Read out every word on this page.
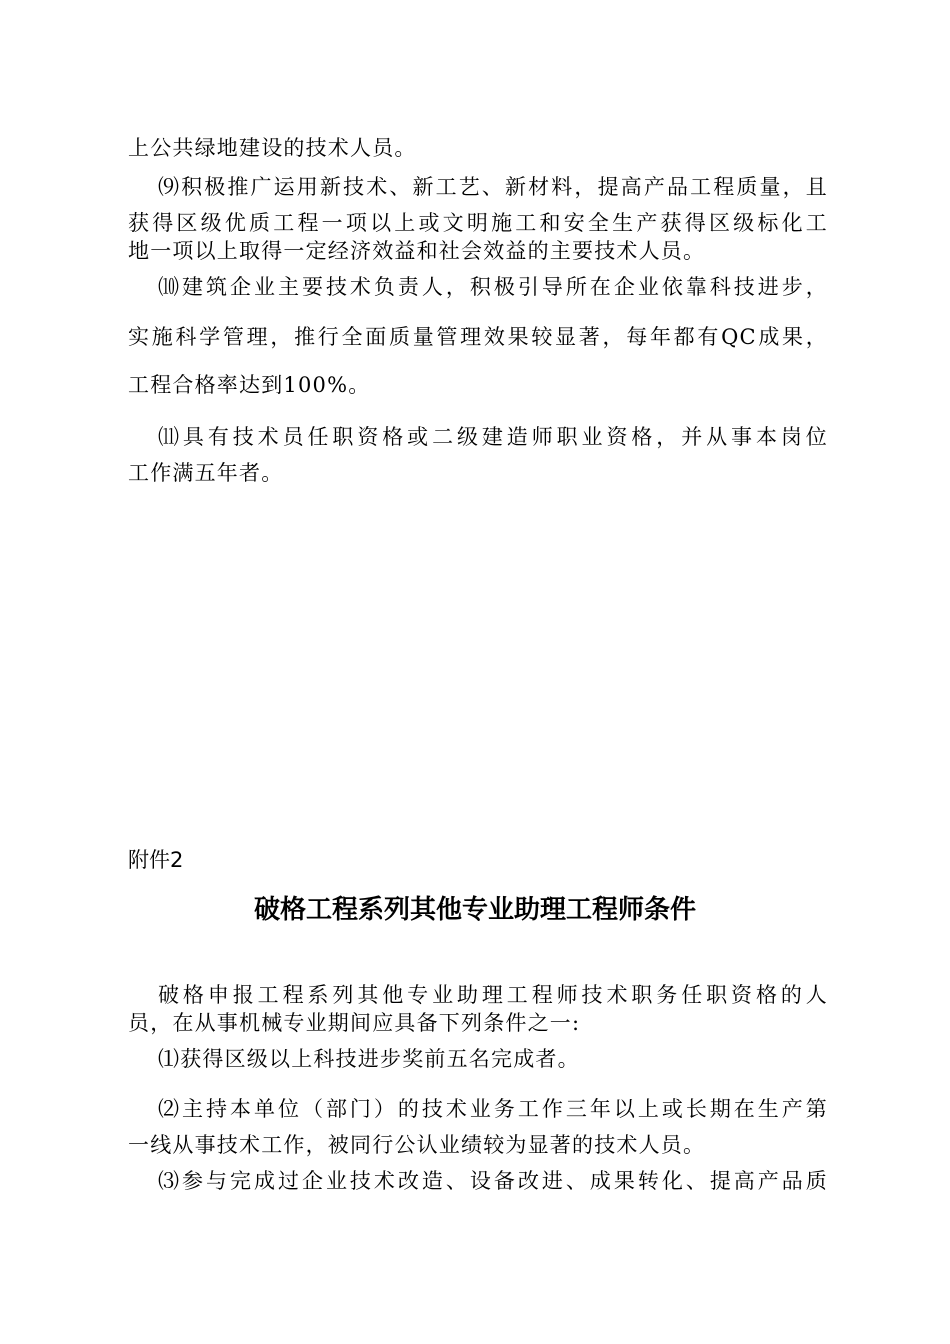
上公共绿地建设的技术人员。
⑼积极推广运用新技术、新工艺、新材料，提高产品工程质量，且
获得区级优质工程一项以上或文明施工和安全生产获得区级标化工
地一项以上取得一定经济效益和社会效益的主要技术人员。
⑽建筑企业主要技术负责人，积极引导所在企业依靠科技进步，
实施科学管理，推行全面质量管理效果较显著，每年都有QC成果，
工程合格率达到100%。
⑾具有技术员任职资格或二级建造师职业资格，并从事本岗位
工作满五年者。
附件2
破格工程系列其他专业助理工程师条件
破格申报工程系列其他专业助理工程师技术职务任职资格的人
员，在从事机械专业期间应具备下列条件之一:
⑴获得区级以上科技进步奖前五名完成者。
⑵主持本单位（部门）的技术业务工作三年以上或长期在生产第
一线从事技术工作，被同行公认业绩较为显著的技术人员。
⑶参与完成过企业技术改造、设备改进、成果转化、提高产品质
